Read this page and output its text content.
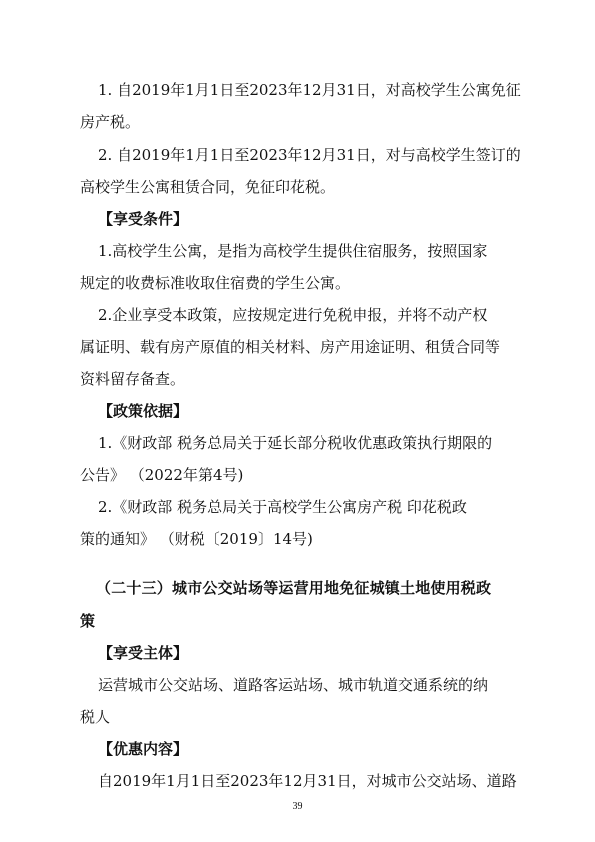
1. 自2019年1月1日至2023年12月31日，对高校学生公寓免征
房产税。
2. 自2019年1月1日至2023年12月31日，对与高校学生签订的
高校学生公寓租赁合同，免征印花税。
【享受条件】
1.高校学生公寓，是指为高校学生提供住宿服务，按照国家
规定的收费标准收取住宿费的学生公寓。
2.企业享受本政策，应按规定进行免税申报，并将不动产权
属证明、载有房产原值的相关材料、房产用途证明、租赁合同等
资料留存备查。
【政策依据】
1.《财政部 税务总局关于延长部分税收优惠政策执行期限的
公告》 （2022年第4号)
2.《财政部 税务总局关于高校学生公寓房产税 印花税政
策的通知》 （财税〔2019〕14号)
（二十三）城市公交站场等运营用地免征城镇土地使用税政
策
【享受主体】
运营城市公交站场、道路客运站场、城市轨道交通系统的纳
税人
【优惠内容】
自2019年1月1日至2023年12月31日，对城市公交站场、道路
39
